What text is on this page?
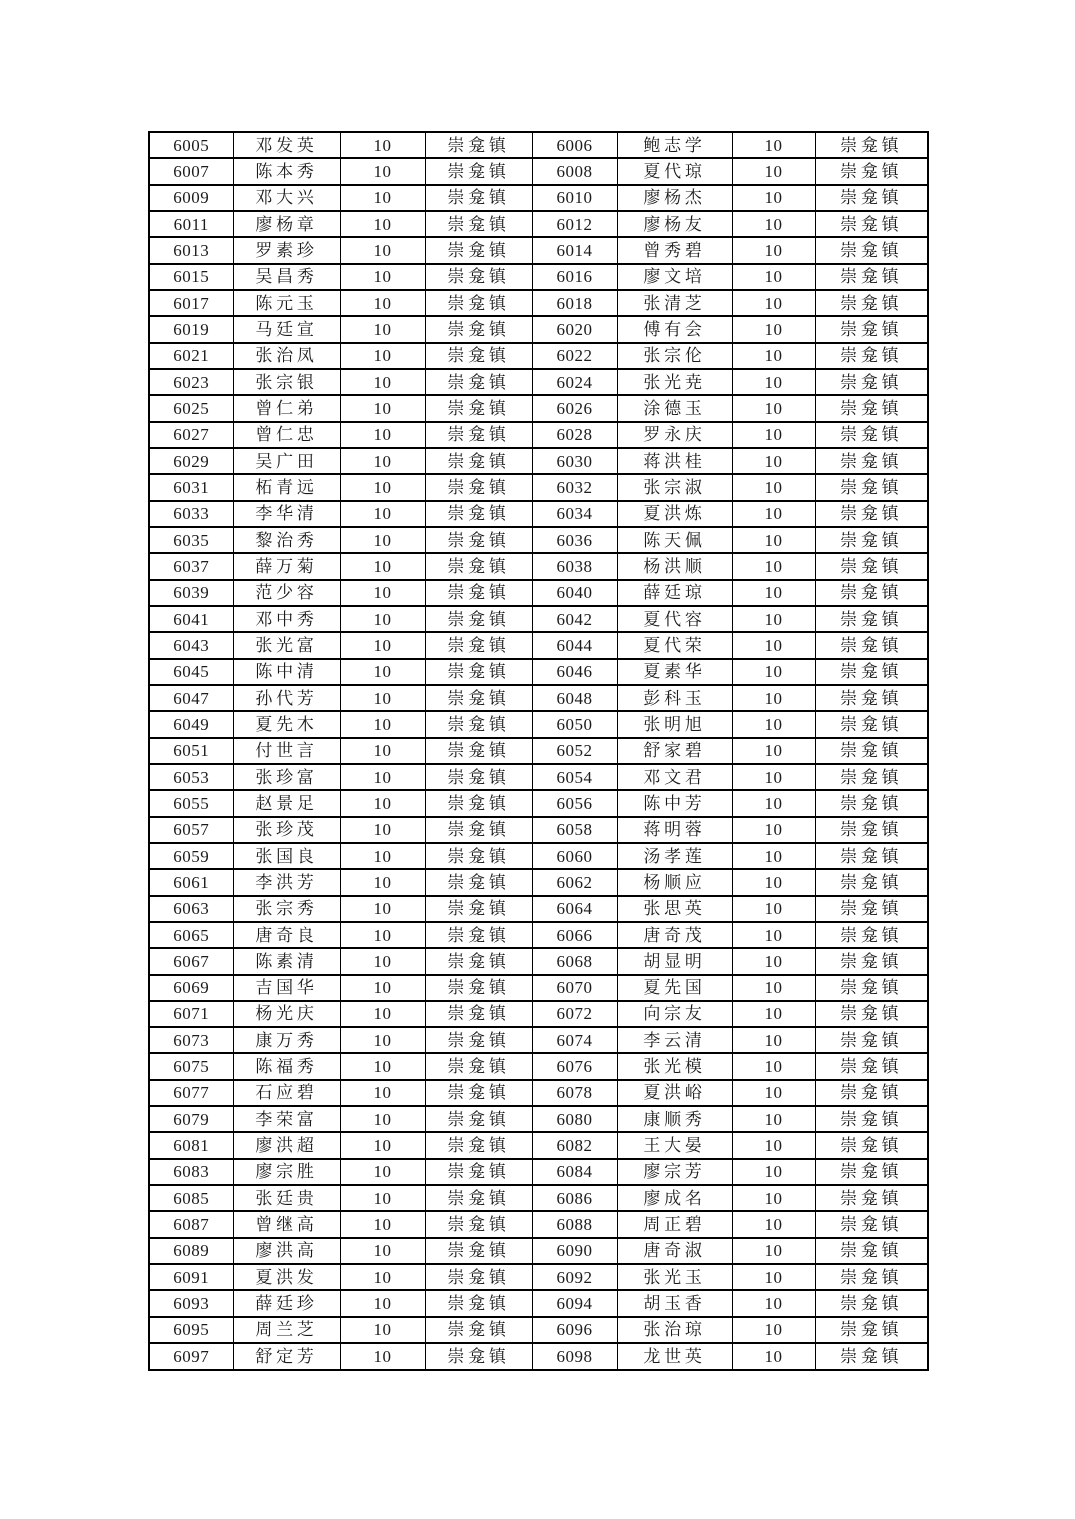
6005	邓发英	10	崇龛镇	6006	鲍志学	10	崇龛镇
6007	陈本秀	10	崇龛镇	6008	夏代琼	10	崇龛镇
6009	邓大兴	10	崇龛镇	6010	廖杨杰	10	崇龛镇
6011	廖杨章	10	崇龛镇	6012	廖杨友	10	崇龛镇
6013	罗素珍	10	崇龛镇	6014	曾秀碧	10	崇龛镇
6015	吴昌秀	10	崇龛镇	6016	廖文培	10	崇龛镇
6017	陈元玉	10	崇龛镇	6018	张清芝	10	崇龛镇
6019	马廷宣	10	崇龛镇	6020	傅有会	10	崇龛镇
6021	张治凤	10	崇龛镇	6022	张宗伦	10	崇龛镇
6023	张宗银	10	崇龛镇	6024	张光尭	10	崇龛镇
6025	曾仁弟	10	崇龛镇	6026	涂德玉	10	崇龛镇
6027	曾仁忠	10	崇龛镇	6028	罗永庆	10	崇龛镇
6029	吴广田	10	崇龛镇	6030	蒋洪桂	10	崇龛镇
6031	柘青远	10	崇龛镇	6032	张宗淑	10	崇龛镇
6033	李华清	10	崇龛镇	6034	夏洪炼	10	崇龛镇
6035	黎治秀	10	崇龛镇	6036	陈天佩	10	崇龛镇
6037	薛万菊	10	崇龛镇	6038	杨洪顺	10	崇龛镇
6039	范少容	10	崇龛镇	6040	薛廷琼	10	崇龛镇
6041	邓中秀	10	崇龛镇	6042	夏代容	10	崇龛镇
6043	张光富	10	崇龛镇	6044	夏代荣	10	崇龛镇
6045	陈中清	10	崇龛镇	6046	夏素华	10	崇龛镇
6047	孙代芳	10	崇龛镇	6048	彭科玉	10	崇龛镇
6049	夏先木	10	崇龛镇	6050	张明旭	10	崇龛镇
6051	付世言	10	崇龛镇	6052	舒家碧	10	崇龛镇
6053	张珍富	10	崇龛镇	6054	邓文君	10	崇龛镇
6055	赵景足	10	崇龛镇	6056	陈中芳	10	崇龛镇
6057	张珍茂	10	崇龛镇	6058	蒋明蓉	10	崇龛镇
6059	张国良	10	崇龛镇	6060	汤孝莲	10	崇龛镇
6061	李洪芳	10	崇龛镇	6062	杨顺应	10	崇龛镇
6063	张宗秀	10	崇龛镇	6064	张思英	10	崇龛镇
6065	唐奇良	10	崇龛镇	6066	唐奇茂	10	崇龛镇
6067	陈素清	10	崇龛镇	6068	胡显明	10	崇龛镇
6069	吉国华	10	崇龛镇	6070	夏先国	10	崇龛镇
6071	杨光庆	10	崇龛镇	6072	向宗友	10	崇龛镇
6073	康万秀	10	崇龛镇	6074	李云清	10	崇龛镇
6075	陈福秀	10	崇龛镇	6076	张光模	10	崇龛镇
6077	石应碧	10	崇龛镇	6078	夏洪峪	10	崇龛镇
6079	李荣富	10	崇龛镇	6080	康顺秀	10	崇龛镇
6081	廖洪超	10	崇龛镇	6082	王大晏	10	崇龛镇
6083	廖宗胜	10	崇龛镇	6084	廖宗芳	10	崇龛镇
6085	张廷贵	10	崇龛镇	6086	廖成名	10	崇龛镇
6087	曾继高	10	崇龛镇	6088	周正碧	10	崇龛镇
6089	廖洪高	10	崇龛镇	6090	唐奇淑	10	崇龛镇
6091	夏洪发	10	崇龛镇	6092	张光玉	10	崇龛镇
6093	薛廷珍	10	崇龛镇	6094	胡玉香	10	崇龛镇
6095	周兰芝	10	崇龛镇	6096	张治琼	10	崇龛镇
6097	舒定芳	10	崇龛镇	6098	龙世英	10	崇龛镇
